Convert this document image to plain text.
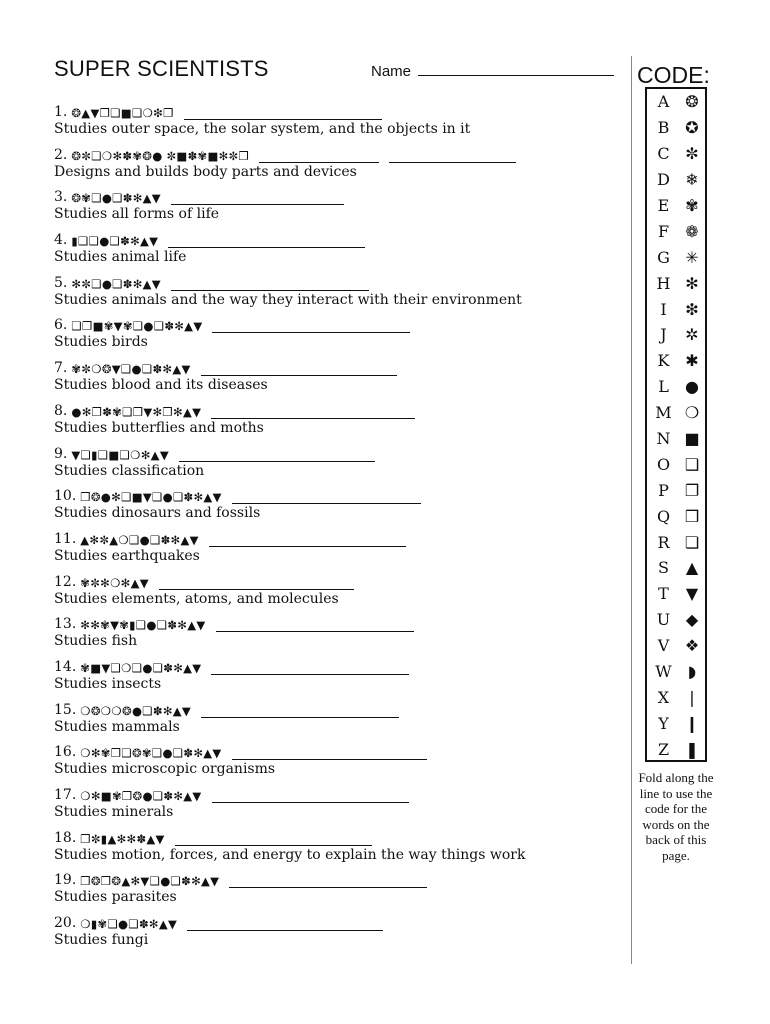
SUPER SCIENTISTS	Name
1. ❂▲▼❐❑■❑❍❇❐
Studies outer space, the solar system, and the objects in it
2. ❂✼❑❍✻✽✾❂● ✼■✽✾■✻✼❐
Designs and builds body parts and devices
3. ❂✾❑●❑✽✻▲▼
Studies all forms of life
4. ▮❑❑●❑✽✻▲▼
Studies animal life
5. ✻✼❑●❑✽✻▲▼
Studies animals and the way they interact with their environment
6. ❑❐■✾▼✾❑●❑✽✻▲▼
Studies birds
7. ✾✼❍❂▼❑●❑✽✻▲▼
Studies blood and its diseases
8. ●✻❐✽✾❑❐▼✻❐✻▲▼
Studies butterflies and moths
9. ▼❑▮❑■❑❍✻▲▼
Studies classification
10. ❐❂●✻❑■▼❑●❑✽✻▲▼
Studies dinosaurs and fossils
11. ▲✻✼▲❍❑●❑✽✻▲▼
Studies earthquakes
12. ✾✼✻❍✻▲▼
Studies elements, atoms, and molecules
13. ✻✻✾▼✾▮❑●❑✽✻▲▼
Studies fish
14. ✾■▼❑❍❑●❑✽✻▲▼
Studies insects
15. ❍❂❍❍❂●❑✽✻▲▼
Studies mammals
16. ❍✻✾❐❑❂✾❑●❑✽✻▲▼
Studies microscopic organisms
17. ❍✻■✾❐❂●❑✽✻▲▼
Studies minerals
18. ❐✼▮▲✻✻✽▲▼
Studies motion, forces, and energy to explain the way things work
19. ❐❂❐❂▲✻▼❑●❑✽✻▲▼
Studies parasites
20. ❍▮✾❑●❑✽✻▲▼
Studies fungi
CODE:
A	❂
B ✪
C ✼
D ❄
E ✾
F	❁
G ✳
H ✻
I	❇
J	✲
K ✱
L	●
M ❍
N ■
O ❑
P ❐
Q ❒
R ❏
S	▲
T	▼
U ◆
V ❖
W	◗
X	❘
Y	❙
Z	❚
Fold along the line to use the code for the words on the back of this page.
